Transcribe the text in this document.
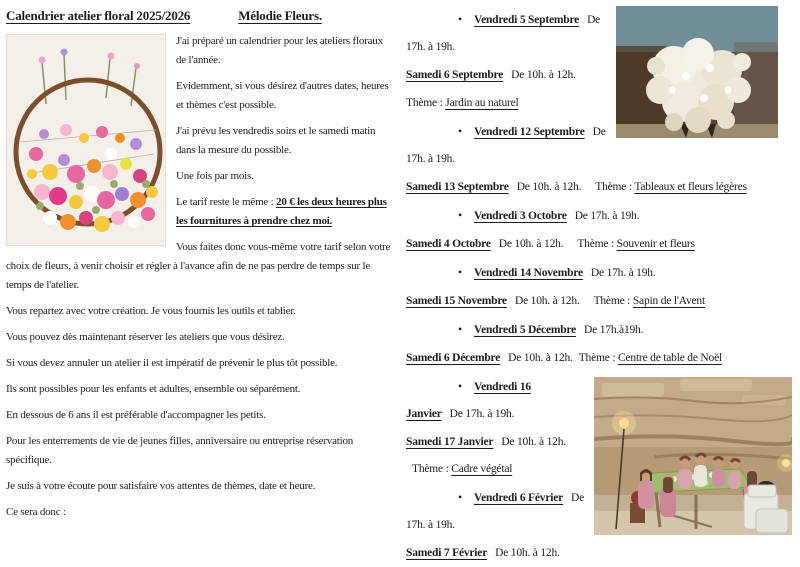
Calendrier atelier floral 2025/2026	Mélodie Fleurs.

J'ai préparé un calendrier pour les ateliers floraux de l'année.

Evidemment, si vous désirez d'autres dates, heures et thèmes c'est possible.

J'ai prévu les vendredis soirs et le samedi matin dans la mesure du possible.

Une fois par mois.

Le tarif reste le même : 20 € les deux heures plus les fournitures à prendre chez moi.

Vous faites donc vous-même votre tarif selon votre choix de fleurs, à venir choisir et régler à l'avance afin de ne pas perdre de temps sur le temps de l'atelier.

Vous repartez avec votre création. Je vous fournis les outils et tablier.

Vous pouvez dès maintenant réserver les ateliers que vous désirez.

Si vous devez annuler un atelier il est impératif de prévenir le plus tôt possible.

Ils sont possibles pour les enfants et adultes, ensemble ou séparément.

En dessous de 6 ans il est préférable d'accompagner les petits.

Pour les enterrements de vie de jeunes filles, anniversaire ou entreprise réservation spécifique.

Je suis à votre écoute pour satisfaire vos attentes de thèmes, date et heure.

Ce sera donc :

• Vendredi 5 Septembre De 17h. à 19h.
Samedi 6 Septembre De 10h. à 12h.
Thème : Jardin au naturel
• Vendredi 12 Septembre De 17h. à 19h.
Samedi 13 Septembre De 10h. à 12h. Thème : Tableaux et fleurs légères
• Vendredi 3 Octobre De 17h. à 19h.
Samedi 4 Octobre De 10h. à 12h. Thème : Souvenir et fleurs
• Vendredi 14 Novembre De 17h. à 19h.
Samedi 15 Novembre De 10h. à 12h. Thème : Sapin de l'Avent
• Vendredi 5 Décembre De 17h.à19h.
Samedi 6 Décembre De 10h. à 12h. Thème : Centre de table de Noël
• Vendredi 16 Janvier De 17h. à 19h.
Samedi 17 Janvier De 10h. à 12h. Thème : Cadre végétal
• Vendredi 6 Février De 17h. à 19h.
Samedi 7 Février De 10h. à 12h.
